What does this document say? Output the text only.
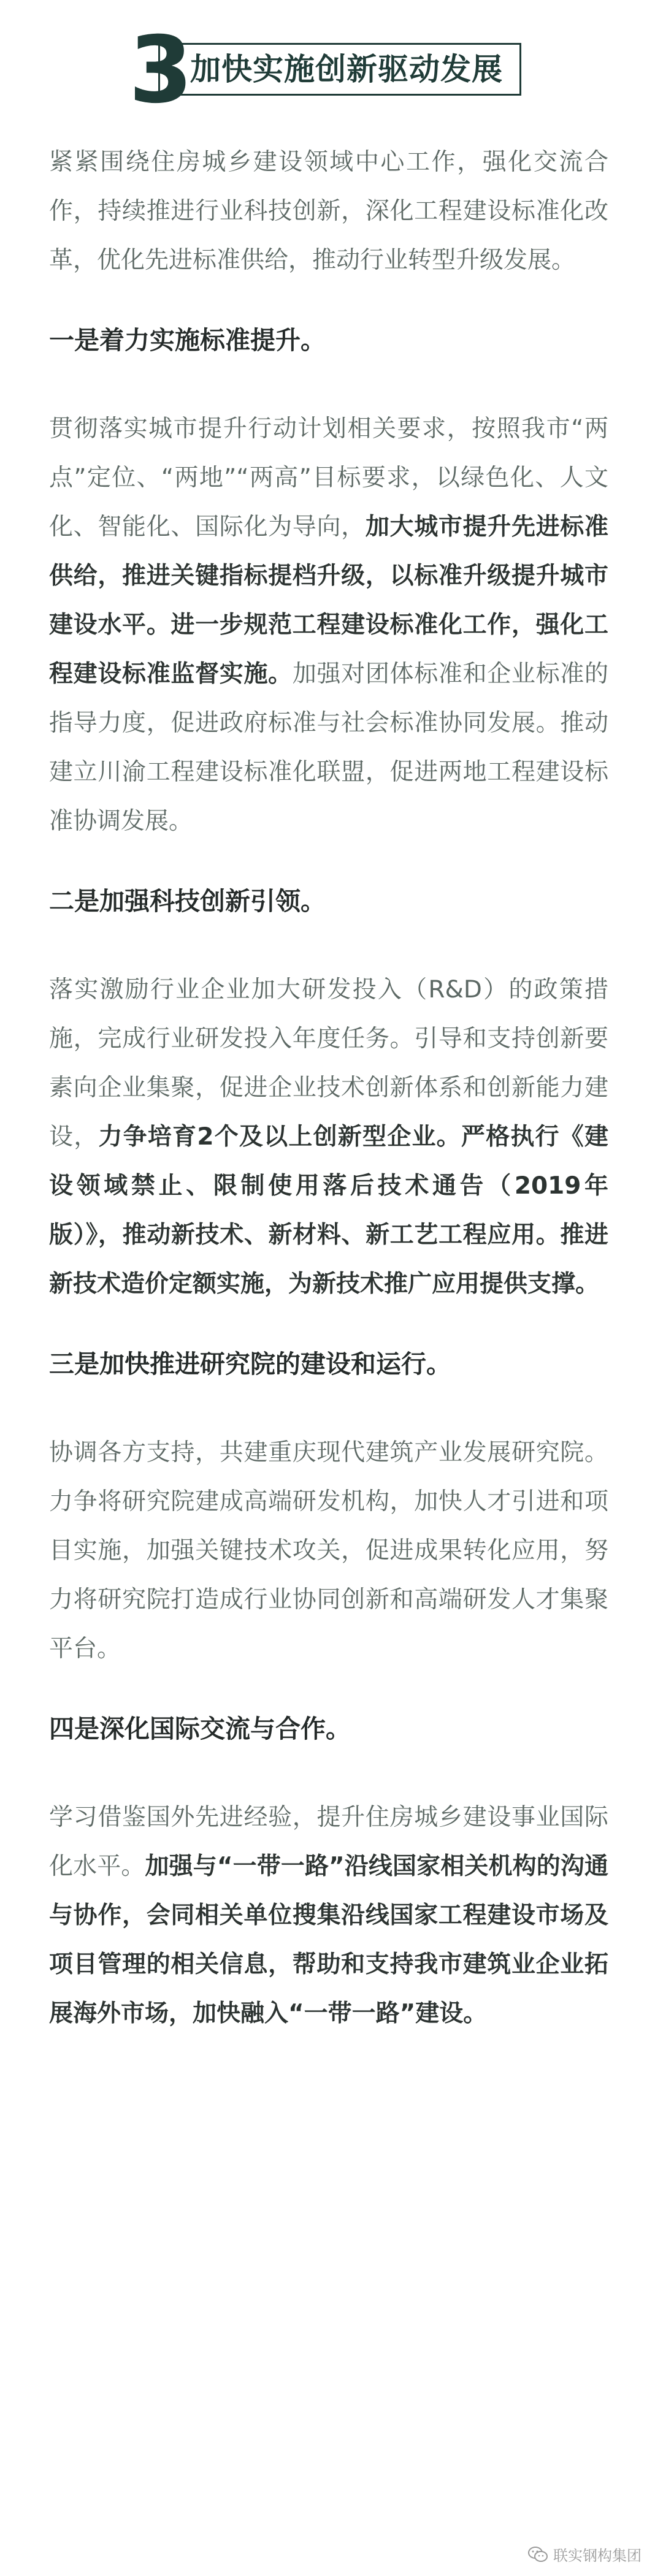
3
加快实施创新驱动发展

紧紧围绕住房城乡建设领域中心工作，强化交流合作，持续推进行业科技创新，深化工程建设标准化改革，优化先进标准供给，推动行业转型升级发展。

一是着力实施标准提升。

贯彻落实城市提升行动计划相关要求，按照我市“两点”定位、“两地”“两高”目标要求，以绿色化、人文化、智能化、国际化为导向，加大城市提升先进标准供给，推进关键指标提档升级，以标准升级提升城市建设水平。进一步规范工程建设标准化工作，强化工程建设标准监督实施。加强对团体标准和企业标准的指导力度，促进政府标准与社会标准协同发展。推动建立川渝工程建设标准化联盟，促进两地工程建设标准协调发展。

二是加强科技创新引领。

落实激励行业企业加大研发投入（R&D）的政策措施，完成行业研发投入年度任务。引导和支持创新要素向企业集聚，促进企业技术创新体系和创新能力建设，力争培育2个及以上创新型企业。严格执行《建设领域禁止、限制使用落后技术通告（2019年版）》，推动新技术、新材料、新工艺工程应用。推进新技术造价定额实施，为新技术推广应用提供支撑。

三是加快推进研究院的建设和运行。

协调各方支持，共建重庆现代建筑产业发展研究院。力争将研究院建成高端研发机构，加快人才引进和项目实施，加强关键技术攻关，促进成果转化应用，努力将研究院打造成行业协同创新和高端研发人才集聚平台。

四是深化国际交流与合作。

学习借鉴国外先进经验，提升住房城乡建设事业国际化水平。加强与“一带一路”沿线国家相关机构的沟通与协作，会同相关单位搜集沿线国家工程建设市场及项目管理的相关信息，帮助和支持我市建筑业企业拓展海外市场，加快融入“一带一路”建设。

联实钢构集团
